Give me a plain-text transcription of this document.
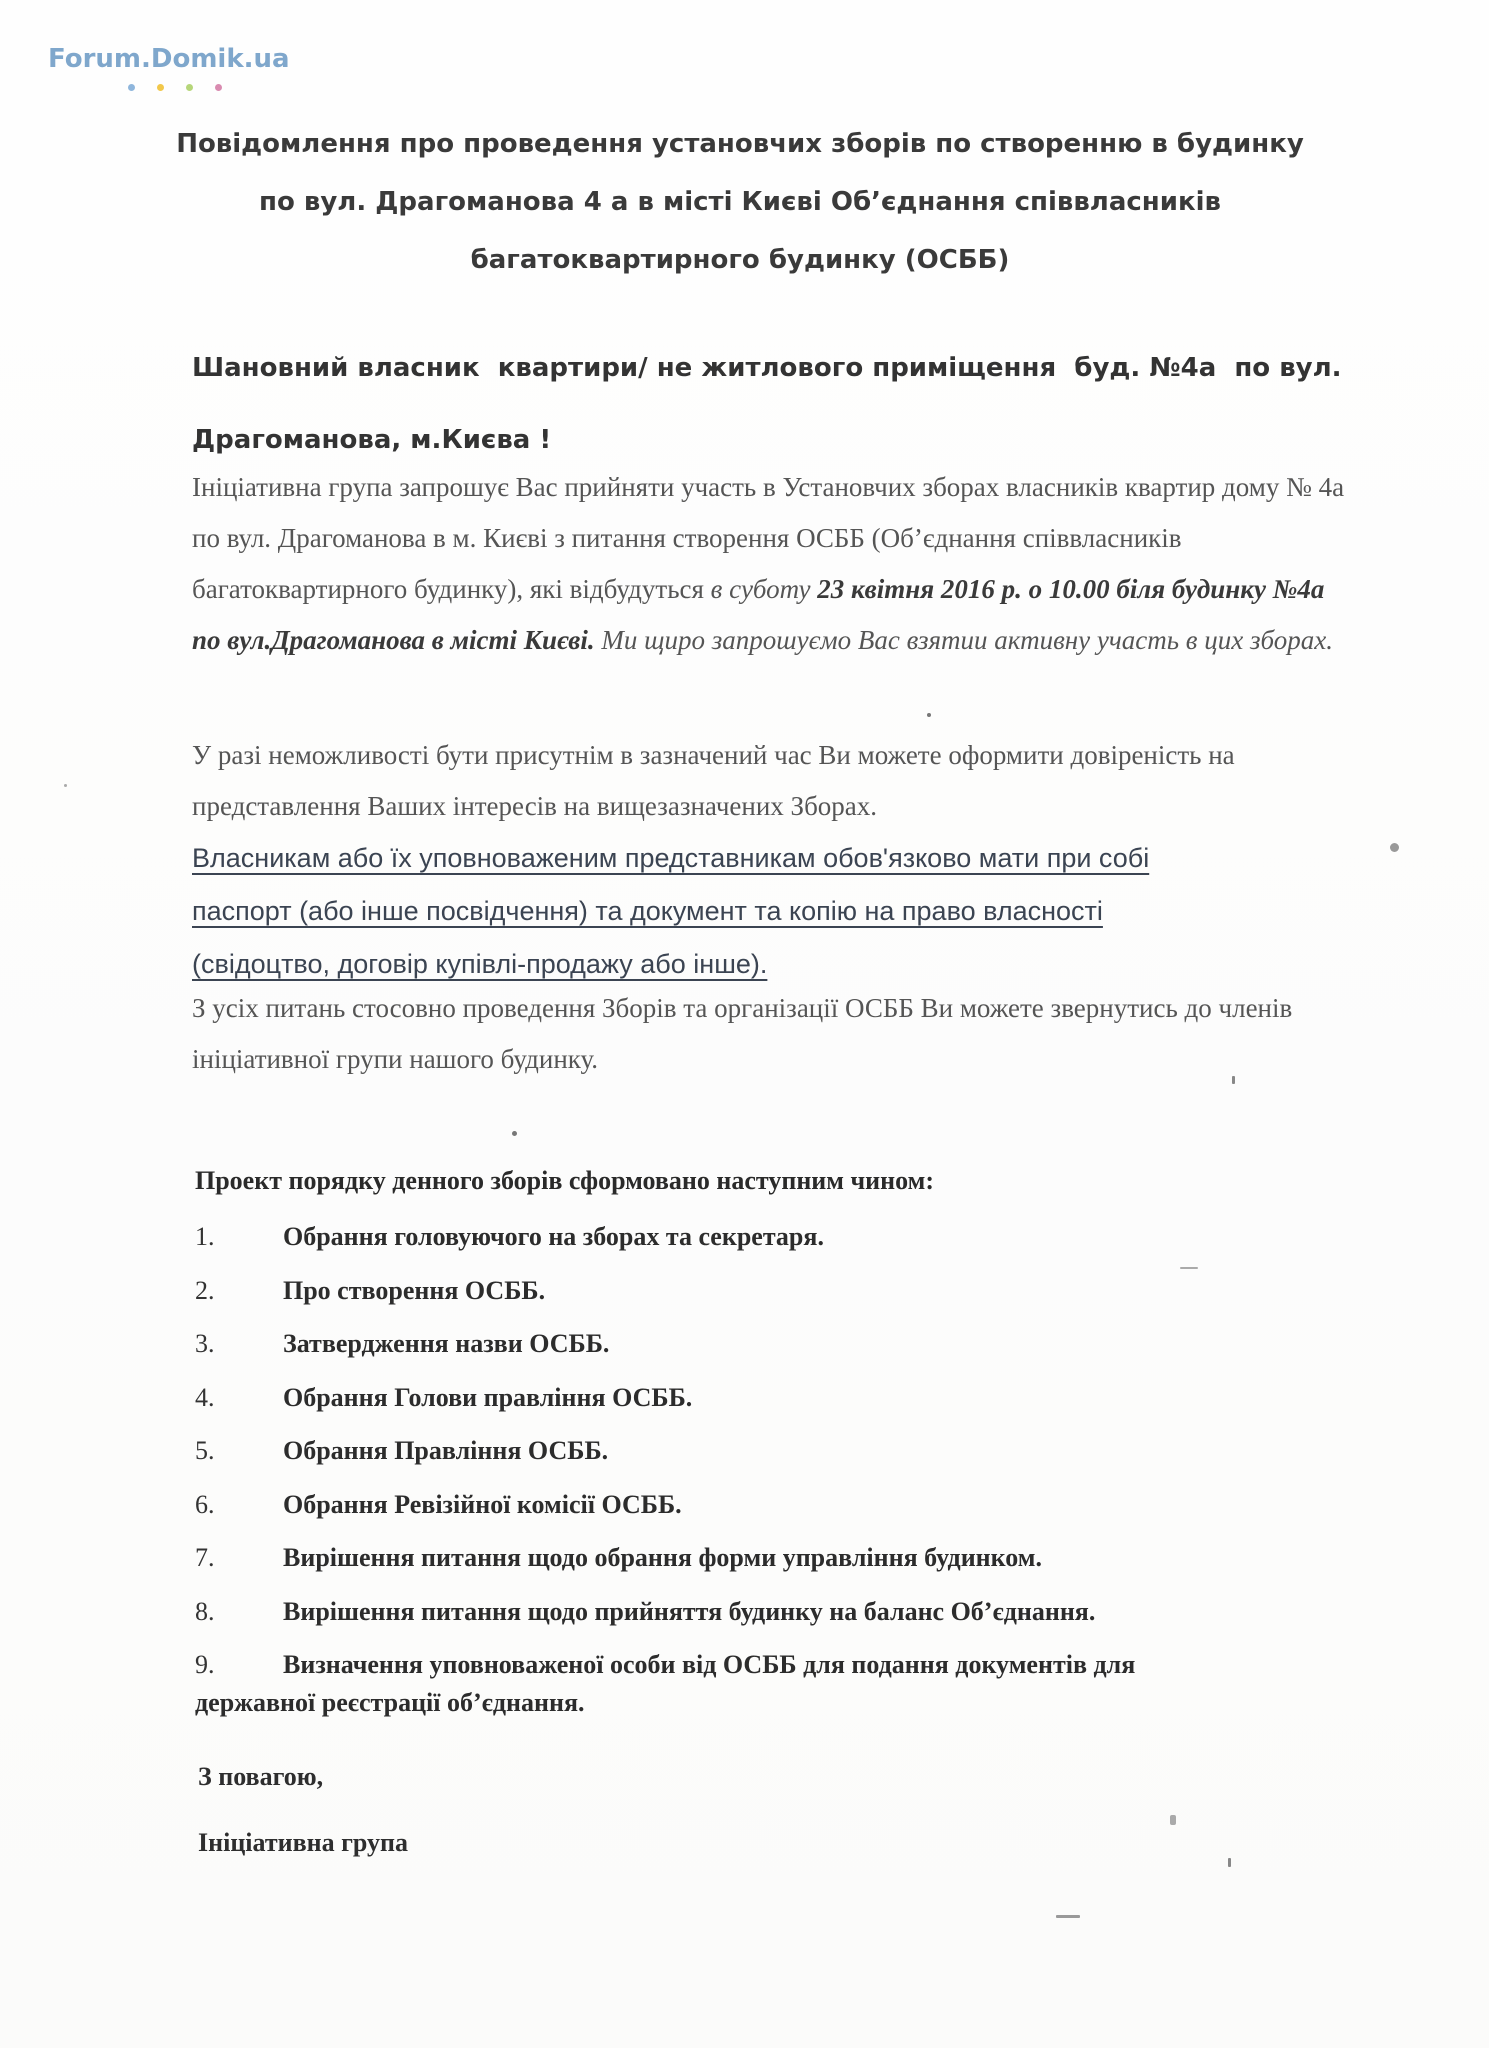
Forum.Domik.ua

Повідомлення про проведення установчих зборів по створенню в будинку
по вул. Драгоманова 4 а в місті Києві Об’єднання співвласників
багатоквартирного будинку (ОСББ)
Шановний власник  квартири/ не житлового приміщення  буд. №4а  по вул.
Драгоманова, м.Києва !
Ініціативна група запрошує Вас прийняти участь в Установчих зборах власників квартир дому № 4а по вул. Драгоманова в м. Києві з питання створення ОСББ (Об’єднання співвласників багатоквартирного будинку), які відбудуться в суботу 23 квітня 2016 р. о 10.00 біля будинку №4а по вул.Драгоманова в місті Києві. Ми щиро запрошуємо Вас взятии активну участь в цих зборах.
У разі неможливості бути присутнім в зазначений час Ви можете оформити довіреність на представлення Ваших інтересів на вищезазначених Зборах.
Власникам або їх уповноваженим представникам обов'язково мати при собі
паспорт (або інше посвідчення) та документ та копію на право власності
(свідоцтво, договір купівлі-продажу або інше).
З усіх питань стосовно проведення Зборів та організації ОСББ Ви можете звернутись до членів ініціативної групи нашого будинку.
Проект порядку денного зборів сформовано наступним чином:
1.	Обрання головуючого на зборах та секретаря.
2.	Про створення ОСББ.
3.	Затвердження назви ОСББ.
4.	Обрання Голови правління ОСББ.
5.	Обрання Правління ОСББ.
6.	Обрання Ревізійної комісії ОСББ.
7.	Вирішення питання щодо обрання форми управління будинком.
8.	Вирішення питання щодо прийняття будинку на баланс Об’єднання.
9.	Визначення уповноваженої особи від ОСББ для подання документів для
державної реєстрації об’єднання.
З повагою,
Ініціативна група
